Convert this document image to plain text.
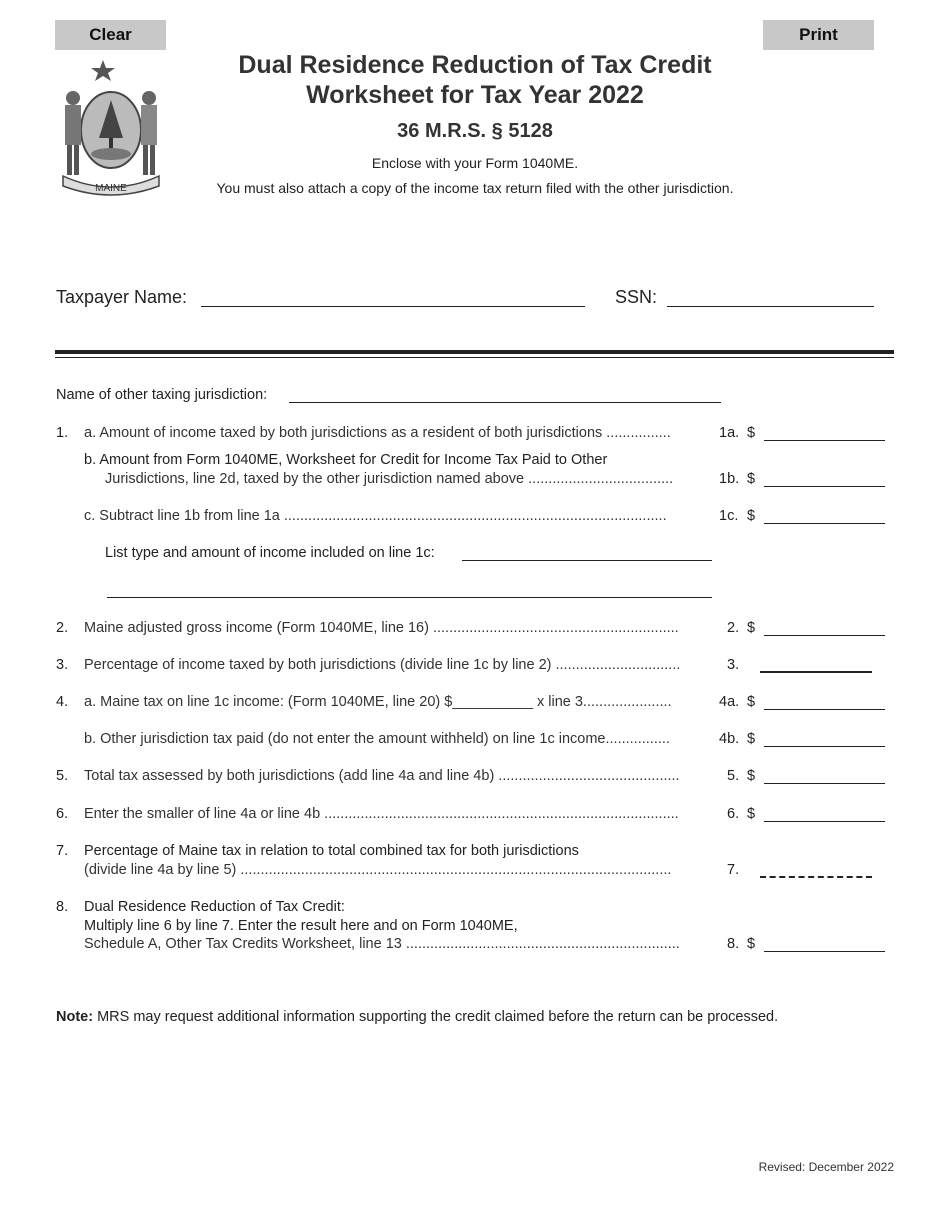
Clear	Print
MAINE
Dual Residence Reduction of Tax Credit
Worksheet for Tax Year 2022
36 M.R.S. § 5128
Enclose with your Form 1040ME.
You must also attach a copy of the income tax return filed with the other jurisdiction.
Taxpayer Name:	SSN:
Name of other taxing jurisdiction:
1. a. Amount of income taxed by both jurisdictions as a resident of both jurisdictions ................	1a. $
b. Amount from Form 1040ME, Worksheet for Credit for Income Tax Paid to Other
Jurisdictions, line 2d, taxed by the other jurisdiction named above ....................................	1b. $
c. Subtract line 1b from line 1a ...............................................................................................	1c. $
List type and amount of income included on line 1c:
2. Maine adjusted gross income (Form 1040ME, line 16) .............................................................	2. $
3. Percentage of income taxed by both jurisdictions (divide line 1c by line 2) ...............................	3.
4. a. Maine tax on line 1c income: (Form 1040ME, line 20) $__________ x line 3......................	4a. $
b. Other jurisdiction tax paid (do not enter the amount withheld) on line 1c income................	4b. $
5. Total tax assessed by both jurisdictions (add line 4a and line 4b) .............................................	5. $
6. Enter the smaller of line 4a or line 4b ........................................................................................	6. $
7. Percentage of Maine tax in relation to total combined tax for both jurisdictions
(divide line 4a by line 5) ...........................................................................................................	7.
8. Dual Residence Reduction of Tax Credit:
Multiply line 6 by line 7. Enter the result here and on Form 1040ME,
Schedule A, Other Tax Credits Worksheet, line 13 ....................................................................	8. $
Note: MRS may request additional information supporting the credit claimed before the return can be processed.
Revised: December 2022
